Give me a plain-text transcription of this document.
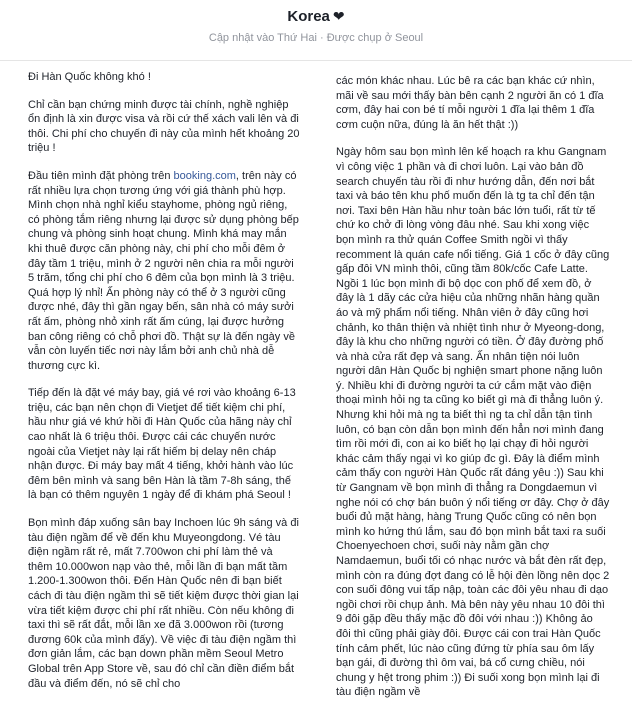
Korea ❤
Cập nhật vào Thứ Hai · Được chụp ở Seoul

Đi Hàn Quốc không khó !

Chỉ cần bạn chứng minh được tài chính, nghề nghiệp ổn định là xin được visa và rồi cứ thế xách vali lên và đi thôi. Chi phí cho chuyến đi này của mình hết khoảng 20 triệu !

Đầu tiên mình đặt phòng trên booking.com, trên này có rất nhiều lựa chọn tương ứng với giá thành phù hợp. Mình chọn nhà nghỉ kiểu stayhome, phòng ngủ riêng, có phòng tắm riêng nhưng lại được sử dụng phòng bếp chung và phòng sinh hoạt chung. Mình khá may mắn khi thuê được căn phòng này, chi phí cho mỗi đêm ở đây tầm 1 triệu, mình ở 2 người nên chia ra mỗi người 5 trăm, tổng chi phí cho 6 đêm của bọn mình là 3 triệu. Quá hợp lý nhỉ! Ấn phòng này có thể ở 3 người cũng được nhé, đây thì gần ngay bến, sân nhà có máy sưởi rất ấm, phòng nhỏ xinh rất ấm cúng, lại được hưởng ban công riêng có chỗ phơi đồ. Thật sự là đến ngày về vẫn còn luyến tiếc nơi này lắm bởi anh chủ nhà dễ thương cực kì.

Tiếp đến là đặt vé máy bay, giá vé rơi vào khoảng 6-13 triệu, các bạn nên chọn đi Vietjet để tiết kiệm chi phí, hầu như giá vé khứ hồi đi Hàn Quốc của hãng này chỉ cao nhất là 6 triệu thôi. Được cái các chuyến nước ngoài của Vietjet này lại rất hiếm bị delay nên cháp nhận được. Đi máy bay mất 4 tiếng, khởi hành vào lúc đêm bên mình và sang bên Hàn là tầm 7-8h sáng, thế là bạn có thêm nguyên 1 ngày để đi khám phá Seoul !

Bọn mình đáp xuống sân bay Inchoen lúc 9h sáng và đi tàu điện ngầm để về đến khu Muyeongdong. Vé tàu điện ngầm rất rẻ, mất 7.700won chi phí làm thẻ và thêm 10.000won nạp vào thẻ, mỗi lần đi bạn mất tầm 1.200-1.300won thôi. Đến Hàn Quốc nên đi bạn biết cách đi tàu điện ngầm thì sẽ tiết kiệm được thời gian lại vừa tiết kiệm được chi phí rất nhiều. Còn nếu không đi taxi thì sẽ rất đắt, mỗi lần xe đã 3.000won rồi (tương đương 60k của mình đấy). Về việc đi tàu điện ngầm thì đơn giản lắm, các bạn down phần mềm Seoul Metro Global trên App Store về, sau đó chỉ cần điền điểm bắt đầu và điểm đến, nó sẽ chỉ cho

các món khác nhau. Lúc bê ra các bạn khác cứ nhìn, mãi về sau mới thấy bàn bên cạnh 2 người ăn có 1 đĩa cơm, đây hai con bé tí mỗi người 1 đĩa lại thêm 1 đĩa cơm cuộn nữa, đúng là ăn hết thật :))

Ngày hôm sau bọn mình lên kế hoạch ra khu Gangnam vì công việc 1 phần và đi chơi luôn. Lại vào bản đồ search chuyến tàu rồi đi như hướng dẫn, đến nơi bắt taxi và báo tên khu phố muốn đến là tg ta chỉ đến tận nơi. Taxi bên Hàn hầu như toàn bác lớn tuổi, rất từ tế chứ ko chở đi lòng vòng đâu nhé. Sau khi xong việc bọn mình ra thử quán Coffee Smith ngồi vì thấy recomment là quán cafe nổi tiếng. Giá 1 cốc ở đây cũng gấp đôi VN mình thôi, cũng tầm 80k/cốc Cafe Latte. Ngồi 1 lúc bọn mình đi bộ dọc con phố để xem đồ, ở đây là 1 dãy các cửa hiệu của những nhãn hàng quần áo và mỹ phẩm nổi tiếng. Nhân viên ở đây cũng hơi chảnh, ko thân thiện và nhiệt tình như ở Myeong-dong, đây là khu cho những người có tiền. Ở đây đường phố và nhà cửa rất đẹp và sang. Ấn nhân tiện nói luôn người dân Hàn Quốc bị nghiện smart phone nặng luôn ý. Nhiều khi đi đường người ta cứ cắm mặt vào điện thoại mình hỏi ng ta cũng ko biết gì mà đi thẳng luôn ý. Nhưng khi hỏi mà ng ta biết thì ng ta chỉ dẫn tận tình luôn, có bạn còn dẫn bọn mình đến hẳn nơi mình đang tìm rồi mới đi, con ai ko biết họ lại chạy đi hỏi người khác cảm thấy ngại vì ko giúp đc gì. Đây là điểm mình cảm thấy con người Hàn Quốc rất đáng yêu :)) Sau khi từ Gangnam về bọn mình đi thẳng ra Dongdaemun vì nghe nói có chợ bán buôn ý nổi tiếng ơr đây. Chợ ở đây buổi đủ mặt hàng, hàng Trung Quốc cũng có nên bọn mình ko hứng thú lắm, sau đó bọn mình bắt taxi ra suối Choenyechoen chơi, suối này nằm gần chợ Namdaemun, buổi tối có nhạc nước và bắt đèn rất đẹp, mình còn ra đúng đợt đang có lễ hội đèn lồng nên dọc 2 con suối đông vui tấp nập, toàn các đôi yêu nhau đi dạo ngồi chơi rồi chụp ảnh. Mà bên này yêu nhau 10 đôi thì 9 đôi gặp đều thấy mặc đồ đôi với nhau :)) Không ảo đôi thì cũng phải giày đôi. Được cái con trai Hàn Quốc tính cảm phết, lúc nào cũng đứng từ phía sau ôm lấy bạn gái, đi đường thì ôm vai, bá cổ cưng chiều, nói chung y hệt trong phim :)) Đi suối xong bọn mình lại đi tàu điện ngầm về
